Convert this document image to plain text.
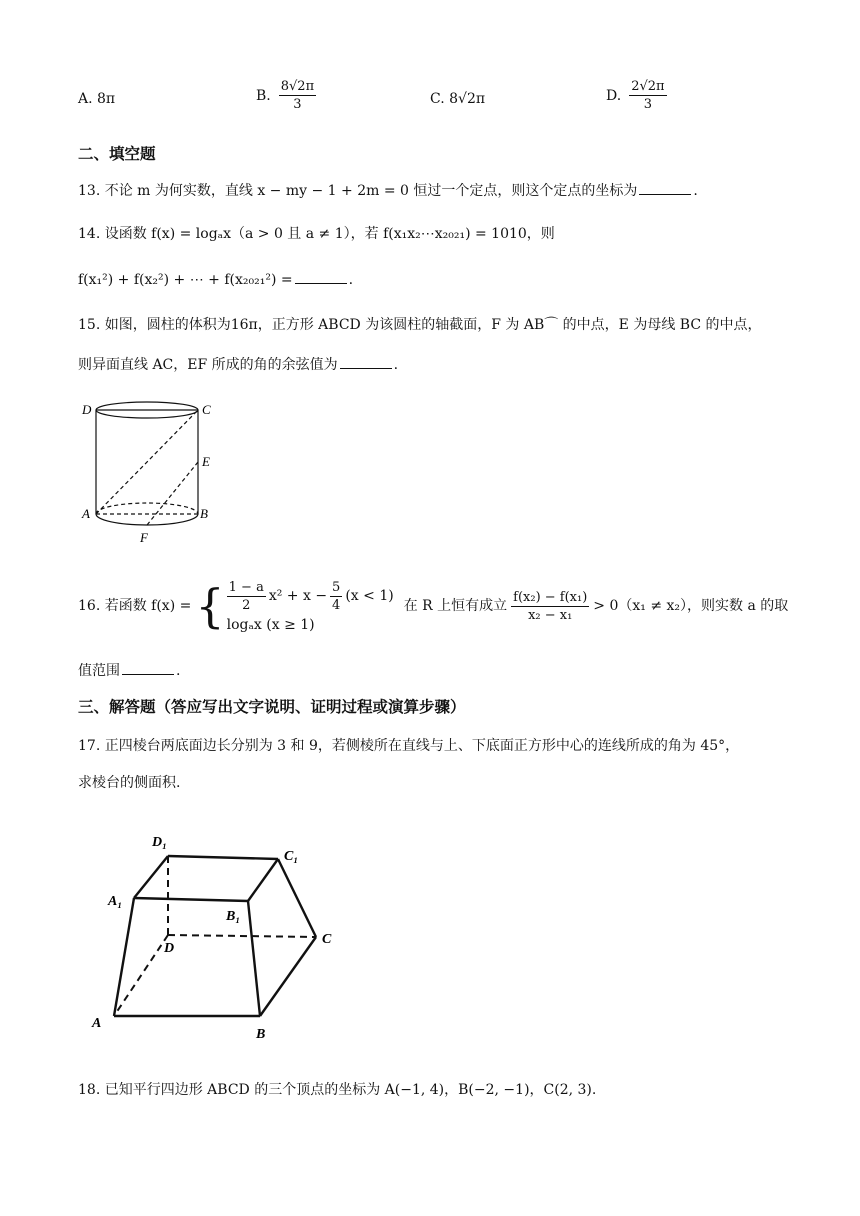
A. 8π	B. $\frac{8√2\pi}{3}$	C. 8√2π	D. $\frac{2√2\pi}{3}$
二、填空题
13. 不论 m 为何实数，直线 x − my − 1 + 2m = 0 恒过一个定点，则这个定点的坐标为	.
14. 设函数 f(x) = logₐx（a > 0 且 a ≠ 1），若 f(x₁x₂⋯x₂₀₂₁) = 1010，则
f(x₁²) + f(x₂²) + ⋯ + f(x₂₀₂₁²) =	.
15. 如图，圆柱的体积为16π，正方形 ABCD 为该圆柱的轴截面，F 为 AB⌒ 的中点，E 为母线 BC 的中点，
则异面直线 AC，EF 所成的角的余弦值为	.
D	C
E
A	B
F
16. 若函数 f(x) = { $\frac{1 - a}{2} x^2 + x - \frac{5}{4} (x < 1)$
logₐx (x ≥ 1)
在 R 上恒有成立 $\frac{\text{f(x₂) − f(x₁)}}{\text{x₂ − x₁}} > 0(x_1 \ne x_2)$，则实数 a 的取
值范围	.
三、解答题（答应写出文字说明、证明过程或演算步骤）
17. 正四棱台两底面边长分别为 3 和 9，若侧棱所在直线与上、下底面正方形中心的连线所成的角为 45°，
求棱台的侧面积.
D₁
C₁
A₁
B₁
D
C
A
B
18. 已知平行四边形 ABCD 的三个顶点的坐标为 A(−1, 4)，B(−2, −1)，C(2, 3).
